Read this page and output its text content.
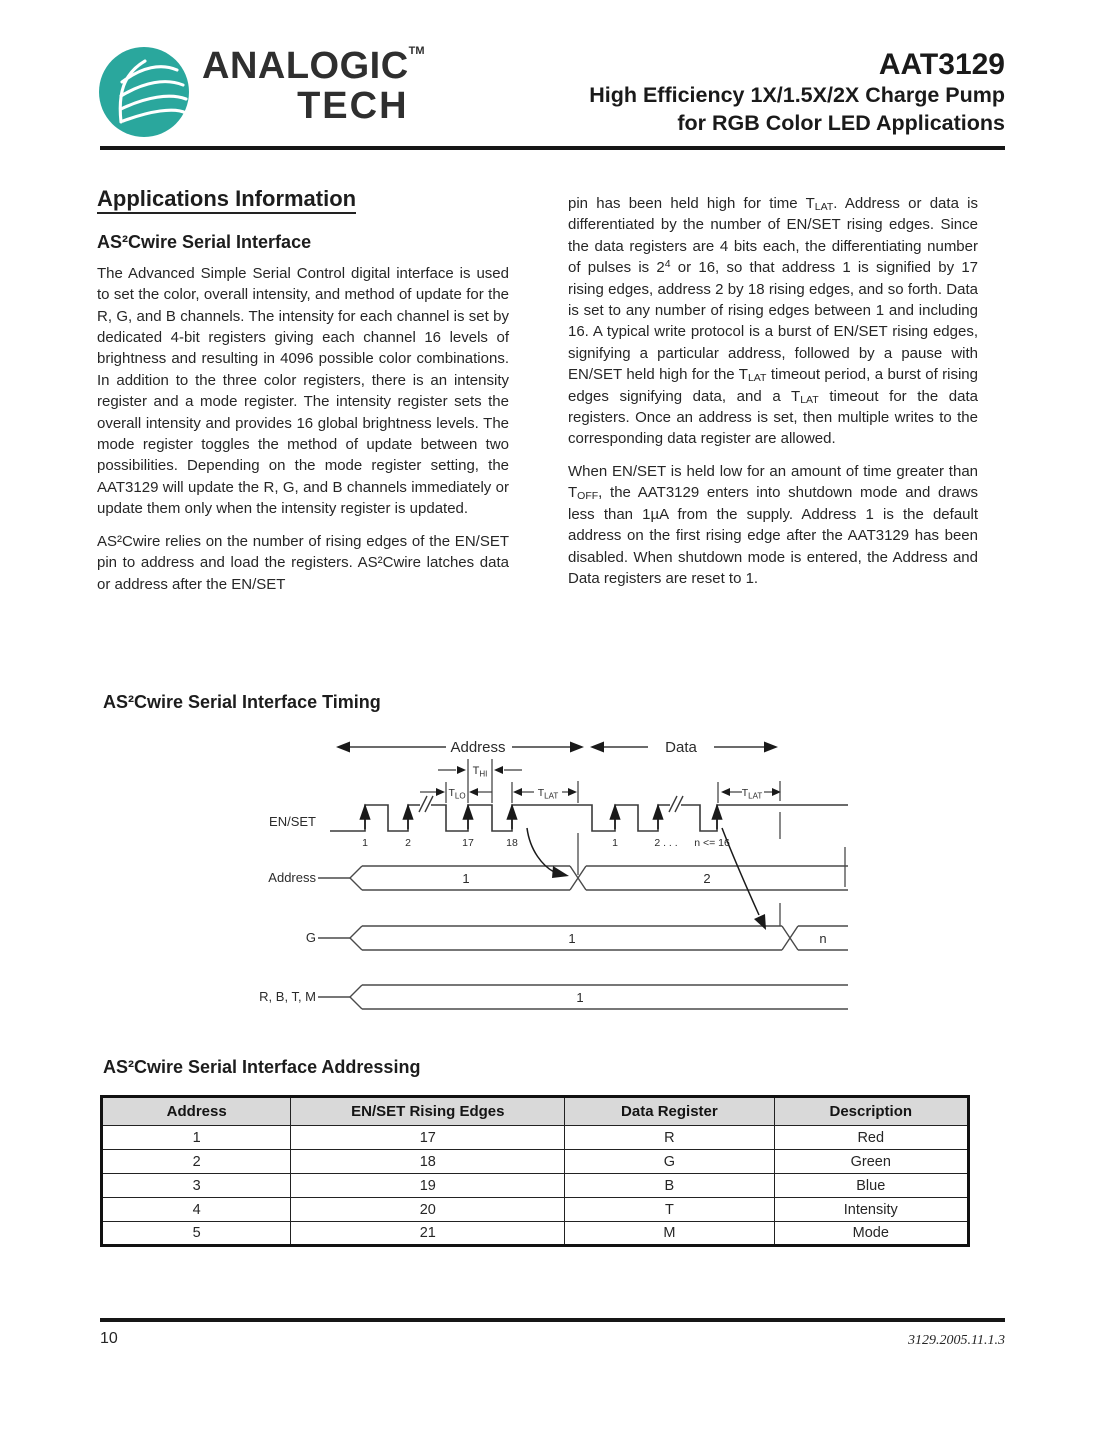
ANALOGIC™
TECH
AAT3129
High Efficiency 1X/1.5X/2X Charge Pump
for RGB Color LED Applications
Applications Information
AS²Cwire Serial Interface

The Advanced Simple Serial Control digital interface is used to set the color, overall intensity, and method of update for the R, G, and B channels. The intensity for each channel is set by dedicated 4-bit registers giving each channel 16 levels of brightness and resulting in 4096 possible color combinations. In addition to the three color registers, there is an intensity register and a mode register. The intensity register sets the overall intensity and provides 16 global brightness levels. The mode register toggles the method of update between two possibilities. Depending on the mode register setting, the AAT3129 will update the R, G, and B channels immediately or update them only when the intensity register is updated.

AS²Cwire relies on the number of rising edges of the EN/SET pin to address and load the registers. AS²Cwire latches data or address after the EN/SET

pin has been held high for time $T_{LAT}$. Address or data is differentiated by the number of EN/SET rising edges. Since the data registers are 4 bits each, the differentiating number of pulses is $2^4$ or 16, so that address 1 is signified by 17 rising edges, address 2 by 18 rising edges, and so forth. Data is set to any number of rising edges between 1 and including 16. A typical write protocol is a burst of EN/SET rising edges, signifying a particular address, followed by a pause with EN/SET held high for the $T_{LAT}$ timeout period, a burst of rising edges signifying data, and a $T_{LAT}$ timeout for the data registers. Once an address is set, then multiple writes to the corresponding data register are allowed.

When EN/SET is held low for an amount of time greater than $T_{OFF}$, the AAT3129 enters into shutdown mode and draws less than 1µA from the supply. Address 1 is the default address on the first rising edge after the AAT3129 has been disabled. When shutdown mode is entered, the Address and Data registers are reset to 1.

AS²Cwire Serial Interface Timing
Address	Data
$T_{HI}$
$T_{LO}$	$T_{LAT}$	$T_{LAT}$
1	2	17	18	1	2 . . . n <= 16
EN/SET
Address
G
R, B, T, M
1	2
1	n
1
AS²Cwire Serial Interface Addressing
Address	EN/SET Rising Edges	Data Register	Description
1	17	R	Red
2	18	G	Green
3	19	B	Blue
4	20	T	Intensity
5	21	M	Mode
10	3129.2005.11.1.3
